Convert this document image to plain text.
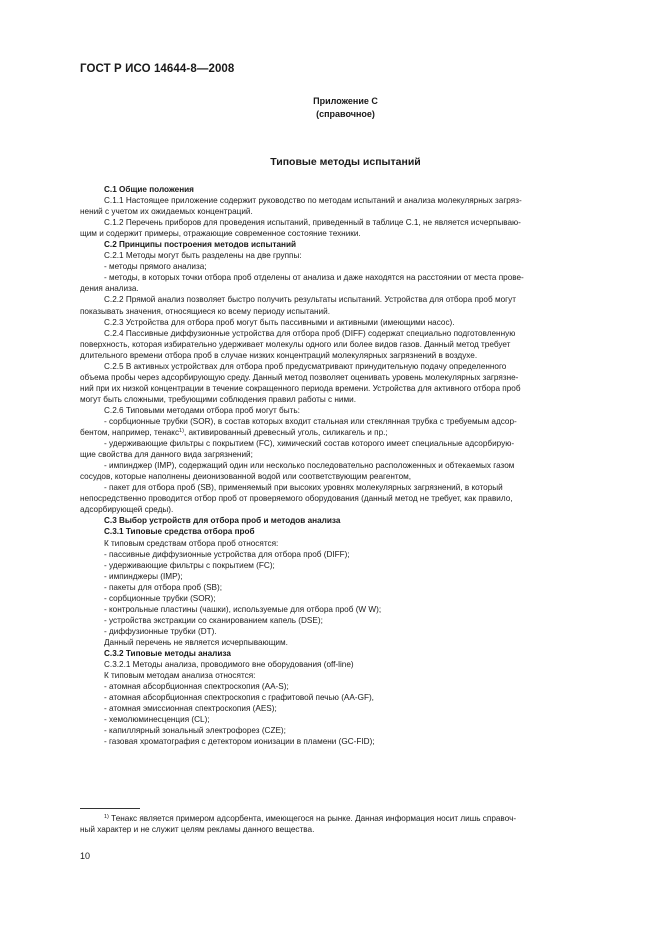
ГОСТ Р ИСО 14644-8—2008
Приложение С
(справочное)
Типовые методы испытаний

С.1 Общие положения

С.1.1 Настоящее приложение содержит руководство по методам испытаний и анализа молекулярных загряз-

нений с учетом их ожидаемых концентраций.

С.1.2 Перечень приборов для проведения испытаний, приведенный в таблице С.1, не является исчерпываю-

щим и содержит примеры, отражающие современное состояние техники.

С.2 Принципы построения методов испытаний

С.2.1 Методы могут быть разделены на две группы:

- методы прямого анализа;

- методы, в которых точки отбора проб отделены от анализа и даже находятся на расстоянии от места прове-

дения анализа.

С.2.2 Прямой анализ позволяет быстро получить результаты испытаний. Устройства для отбора проб могут

показывать значения, относящиеся ко всему периоду испытаний.

С.2.3 Устройства для отбора проб могут быть пассивными и активными (имеющими насос).

С.2.4 Пассивные диффузионные устройства для отбора проб (DIFF) содержат специально подготовленную

поверхность, которая избирательно удерживает молекулы одного или более видов газов. Данный метод требует

длительного времени отбора проб в случае низких концентраций молекулярных загрязнений в воздухе.

С.2.5 В активных устройствах для отбора проб предусматривают принудительную подачу определенного

объема пробы через адсорбирующую среду. Данный метод позволяет оценивать уровень молекулярных загрязне-

ний при их низкой концентрации в течение сокращенного периода времени. Устройства для активного отбора проб

могут быть сложными, требующими соблюдения правил работы с ними.

С.2.6 Типовыми методами отбора проб могут быть:

- сорбционные трубки (SOR), в состав которых входит стальная или стеклянная трубка с требуемым адсор-

бентом, например, тенакс$^{1)}$, активированный древесный уголь, силикагель и пр.;

- удерживающие фильтры с покрытием (FC), химический состав которого имеет специальные адсорбирую-

щие свойства для данного вида загрязнений;

- импинджер (IMP), содержащий один или несколько последовательно расположенных и обтекаемых газом

сосудов, которые наполнены деионизованной водой или соответствующим реагентом,

- пакет для отбора проб (SB), применяемый при высоких уровнях молекулярных загрязнений, в который

непосредственно проводится отбор проб от проверяемого оборудования (данный метод не требует, как правило,

адсорбирующей среды).

С.3 Выбор устройств для отбора проб и методов анализа

С.3.1 Типовые средства отбора проб

К типовым средствам отбора проб относятся:

- пассивные диффузионные устройства для отбора проб (DIFF);

- удерживающие фильтры с покрытием (FC);

- импинджеры (IMP);

- пакеты для отбора проб (SB);

- сорбционные трубки (SOR);

- контрольные пластины (чашки), используемые для отбора проб (W W);

- устройства экстракции со сканированием капель (DSE);

- диффузионные трубки (DT).

Данный перечень не является исчерпывающим.

С.3.2 Типовые методы анализа

С.3.2.1 Методы анализа, проводимого вне оборудования (off-line)

К типовым методам анализа относятся:

- атомная абсорбционная спектроскопия (AA-S);

- атомная абсорбционная спектроскопия с графитовой печью (AA-GF),

- атомная эмиссионная спектроскопия (AES);

- хемолюминесценция (CL);

- капиллярный зональный электрофорез (CZE);

- газовая хроматография с детектором ионизации в пламени (GC-FID);

$^{1)}$ Тенакс является примером адсорбента, имеющегося на рынке. Данная информация носит лишь справоч-
ный характер и не служит целям рекламы данного вещества.
10
